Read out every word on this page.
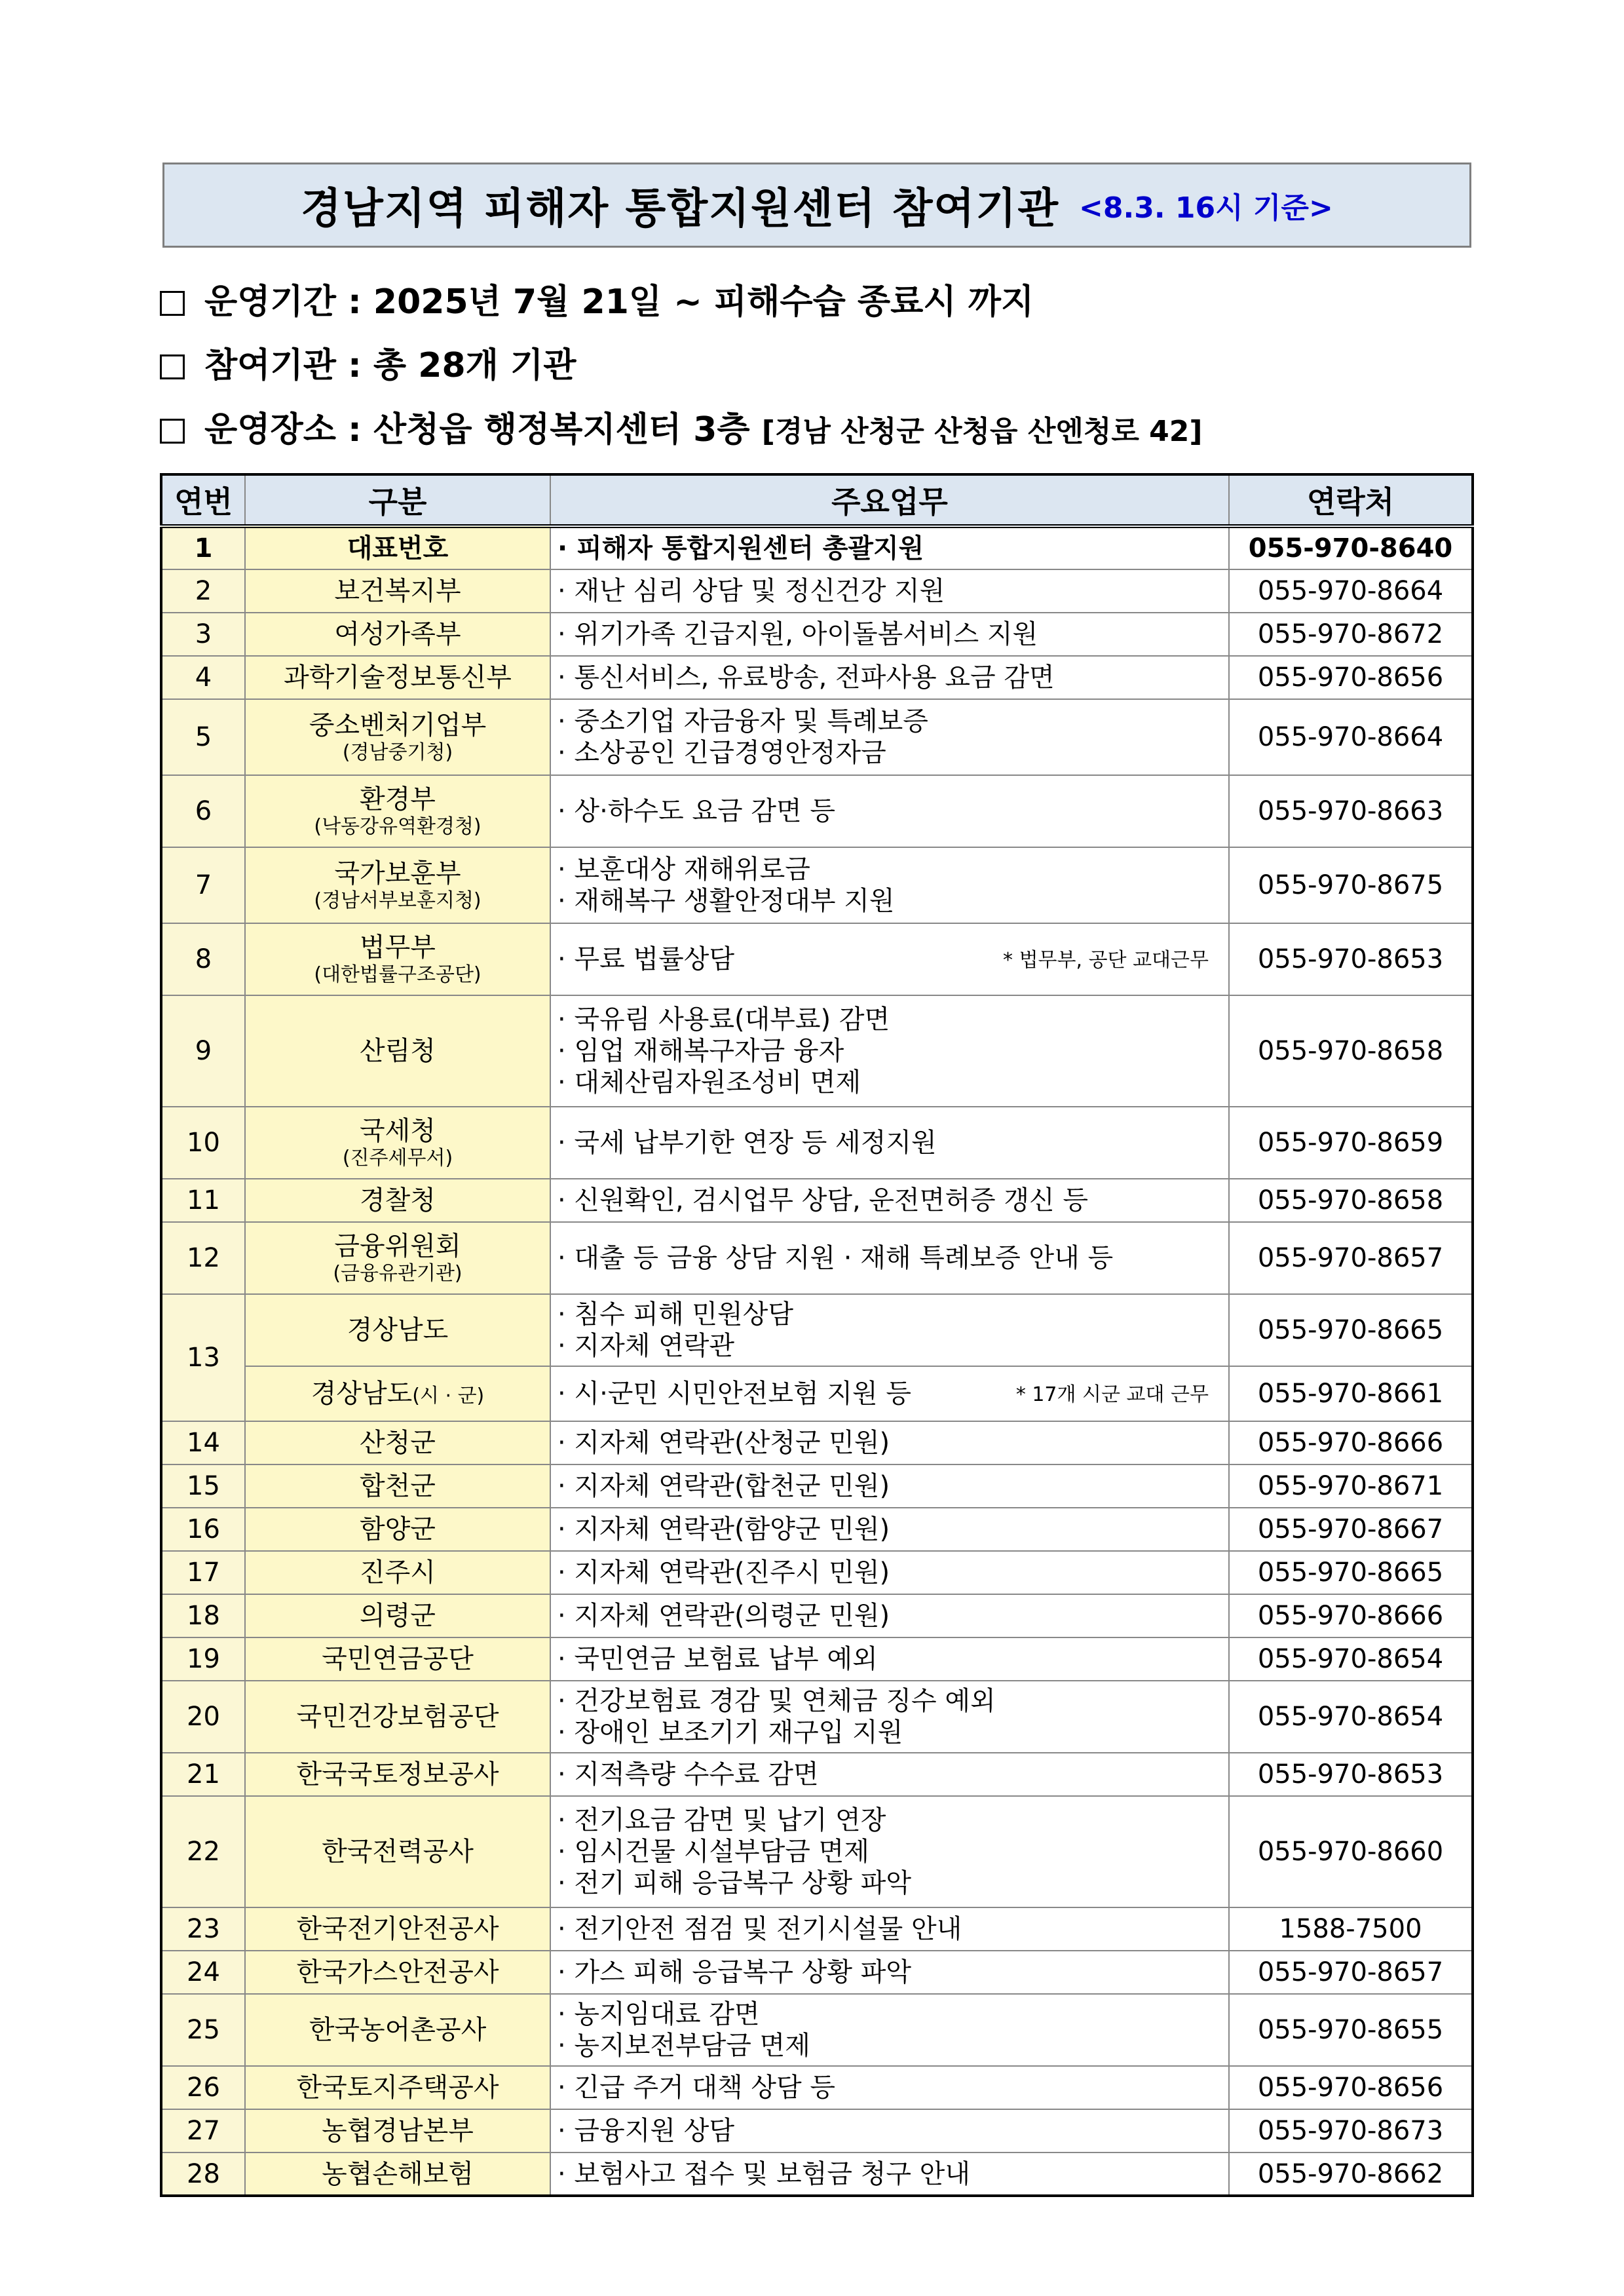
경남지역 피해자 통합지원센터 참여기관 <8.3. 16시 기준>
운영기간 : 2025년 7월 21일 ~ 피해수습 종료시 까지
참여기관 : 총 28개 기관
운영장소 : 산청읍 행정복지센터 3층 [경남 산청군 산청읍 산엔청로 42]
연번	구분	주요업무	연락처
1	대표번호	· 피해자 통합지원센터 총괄지원	055-970-8640
2	보건복지부	· 재난 심리 상담 및 정신건강 지원	055-970-8664
3	여성가족부	· 위기가족 긴급지원, 아이돌봄서비스 지원	055-970-8672
4	과학기술정보통신부	· 통신서비스, 유료방송, 전파사용 요금 감면	055-970-8656
5	중소벤처기업부
(경남중기청)	· 중소기업 자금융자 및 특례보증
· 소상공인 긴급경영안정자금	055-970-8664
6	환경부
(낙동강유역환경청)	· 상·하수도 요금 감면 등	055-970-8663
7	국가보훈부
(경남서부보훈지청)	· 보훈대상 재해위로금
· 재해복구 생활안정대부 지원	055-970-8675
8	법무부
(대한법률구조공단)	* 법무부, 공단 교대근무
· 무료 법률상담	055-970-8653
9	산림청	· 국유림 사용료(대부료) 감면
· 임업 재해복구자금 융자
· 대체산림자원조성비 면제	055-970-8658
10	국세청
(진주세무서)	· 국세 납부기한 연장 등 세정지원	055-970-8659
11	경찰청	· 신원확인, 검시업무 상담, 운전면허증 갱신 등	055-970-8658
12	금융위원회
(금융유관기관)	· 대출 등 금융 상담 지원 · 재해 특례보증 안내 등	055-970-8657
13	경상남도	· 침수 피해 민원상담
· 지자체 연락관	055-970-8665
	경상남도(시 · 군)	* 17개 시군 교대 근무
· 시·군민 시민안전보험 지원 등	055-970-8661
14	산청군	· 지자체 연락관(산청군 민원)	055-970-8666
15	합천군	· 지자체 연락관(합천군 민원)	055-970-8671
16	함양군	· 지자체 연락관(함양군 민원)	055-970-8667
17	진주시	· 지자체 연락관(진주시 민원)	055-970-8665
18	의령군	· 지자체 연락관(의령군 민원)	055-970-8666
19	국민연금공단	· 국민연금 보험료 납부 예외	055-970-8654
20	국민건강보험공단	· 건강보험료 경감 및 연체금 징수 예외
· 장애인 보조기기 재구입 지원	055-970-8654
21	한국국토정보공사	· 지적측량 수수료 감면	055-970-8653
22	한국전력공사	· 전기요금 감면 및 납기 연장
· 임시건물 시설부담금 면제
· 전기 피해 응급복구 상황 파악	055-970-8660
23	한국전기안전공사	· 전기안전 점검 및 전기시설물 안내	1588-7500
24	한국가스안전공사	· 가스 피해 응급복구 상황 파악	055-970-8657
25	한국농어촌공사	· 농지임대료 감면
· 농지보전부담금 면제	055-970-8655
26	한국토지주택공사	· 긴급 주거 대책 상담 등	055-970-8656
27	농협경남본부	· 금융지원 상담	055-970-8673
28	농협손해보험	· 보험사고 접수 및 보험금 청구 안내	055-970-8662
